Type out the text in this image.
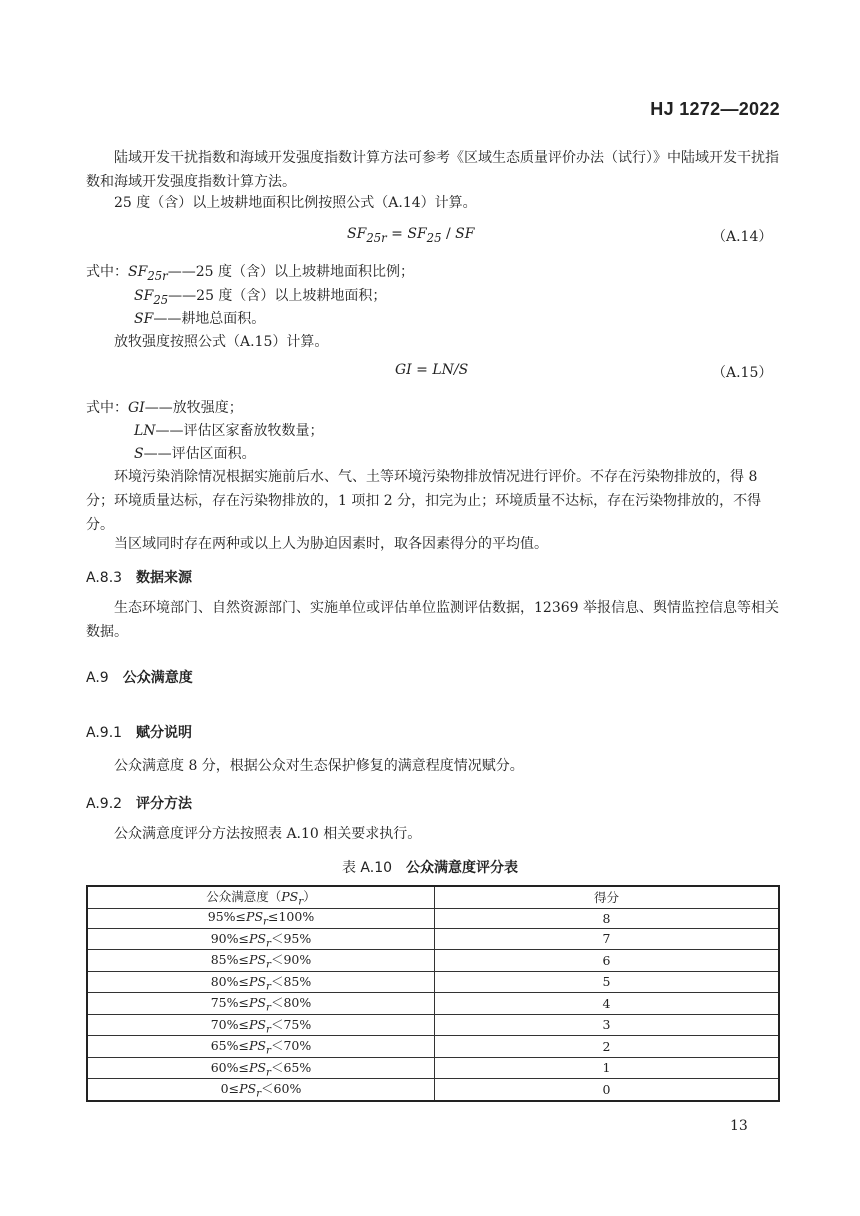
HJ 1272—2022
陆域开发干扰指数和海域开发强度指数计算方法可参考《区域生态质量评价办法（试行）》中陆域开发干扰指数和海域开发强度指数计算方法。
25 度（含）以上坡耕地面积比例按照公式（A.14）计算。
$SF_{25r} = SF_{25}$ / SF	（A.14）
式中：$SF_{25r}——25$ 度（含）以上坡耕地面积比例；
$SF_{25}——25$ 度（含）以上坡耕地面积；
SF——耕地总面积。
放牧强度按照公式（A.15）计算。
GI = LN/S	（A.15）
式中：GI——放牧强度；
LN——评估区家畜放牧数量；
S——评估区面积。
环境污染消除情况根据实施前后水、气、土等环境污染物排放情况进行评价。不存在污染物排放的，得 8 分；环境质量达标，存在污染物排放的，1 项扣 2 分，扣完为止；环境质量不达标，存在污染物排放的，不得分。
当区域同时存在两种或以上人为胁迫因素时，取各因素得分的平均值。
A.8.3 数据来源
生态环境部门、自然资源部门、实施单位或评估单位监测评估数据，12369 举报信息、舆情监控信息等相关数据。
A.9 公众满意度
A.9.1 赋分说明
公众满意度 8 分，根据公众对生态保护修复的满意程度情况赋分。
A.9.2 评分方法
公众满意度评分方法按照表 A.10 相关要求执行。
表 A.10 公众满意度评分表
公众满意度$(PS_r)$	得分
$95\%\le PS_r\le 100\%$	8
$90\%\le PS_r<95\%$	7
$85\%\le PS_r<90\%$	6
$80\%\le PS_r<85\%$	5
$75\%\le PS_r<80\%$	4
$70\%\le PS_r<75\%$	3
$65\%\le PS_r<70\%$	2
$60\%\le PS_r<65\%$	1
$0\le PS_r<60\%$	0
13
